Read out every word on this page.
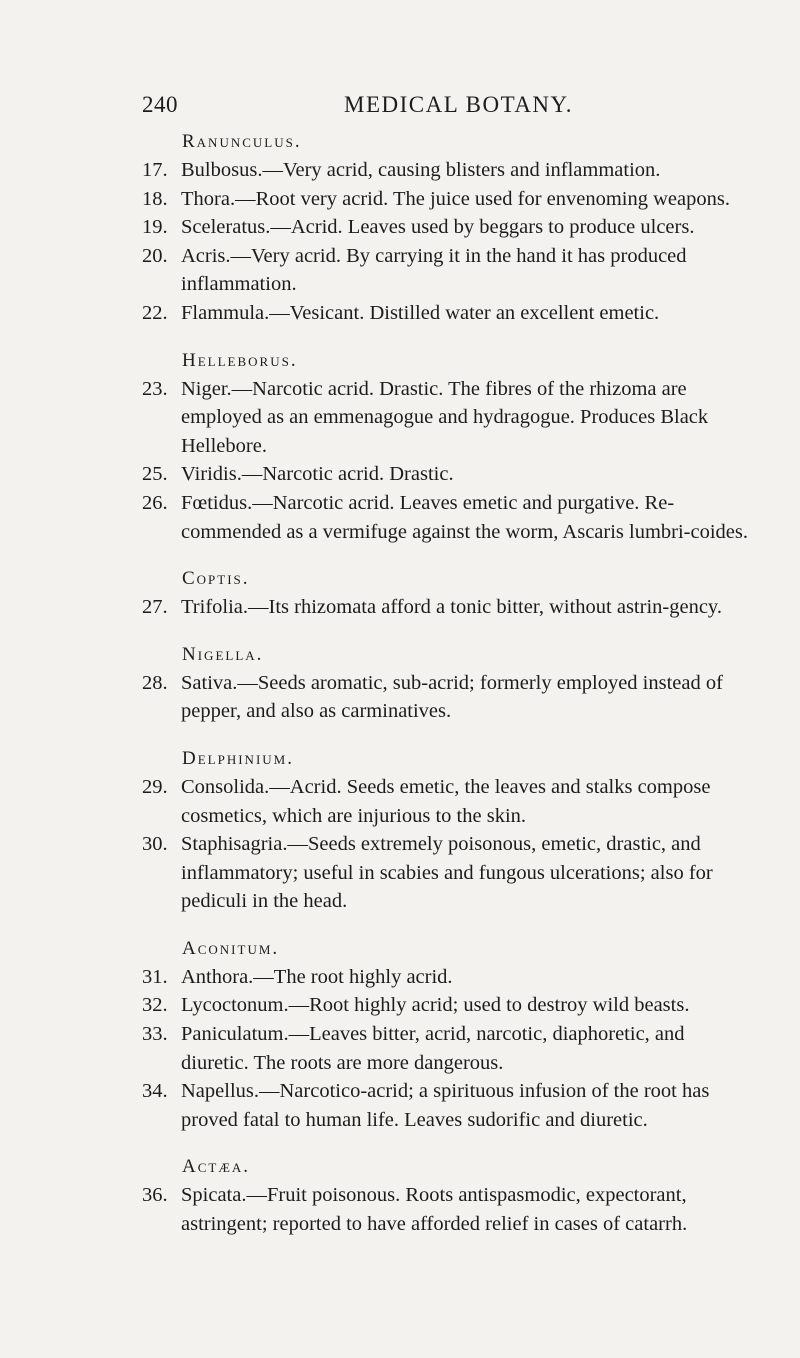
240	MEDICAL BOTANY.
Ranunculus.
17. Bulbosus.—Very acrid, causing blisters and inflammation.
18. Thora.—Root very acrid. The juice used for envenoming weapons.
19. Sceleratus.—Acrid. Leaves used by beggars to produce ulcers.
20. Acris.—Very acrid. By carrying it in the hand it has produced inflammation.
22. Flammula.—Vesicant. Distilled water an excellent emetic.
Helleborus.
23. Niger.—Narcotic acrid. Drastic. The fibres of the rhizoma are employed as an emmenagogue and hydragogue. Produces Black Hellebore.
25. Viridis.—Narcotic acrid. Drastic.
26. Fœtidus.—Narcotic acrid. Leaves emetic and purgative. Re-commended as a vermifuge against the worm, Ascaris lumbri-coides.
Coptis.
27. Trifolia.—Its rhizomata afford a tonic bitter, without astrin-gency.
Nigella.
28. Sativa.—Seeds aromatic, sub-acrid; formerly employed instead of pepper, and also as carminatives.
Delphinium.
29. Consolida.—Acrid. Seeds emetic, the leaves and stalks compose cosmetics, which are injurious to the skin.
30. Staphisagria.—Seeds extremely poisonous, emetic, drastic, and inflammatory; useful in scabies and fungous ulcerations; also for pediculi in the head.
Aconitum.
31. Anthora.—The root highly acrid.
32. Lycoctonum.—Root highly acrid; used to destroy wild beasts.
33. Paniculatum.—Leaves bitter, acrid, narcotic, diaphoretic, and diuretic. The roots are more dangerous.
34. Napellus.—Narcotico-acrid; a spirituous infusion of the root has proved fatal to human life. Leaves sudorific and diuretic.
Actæa.
36. Spicata.—Fruit poisonous. Roots antispasmodic, expectorant, astringent; reported to have afforded relief in cases of catarrh.
